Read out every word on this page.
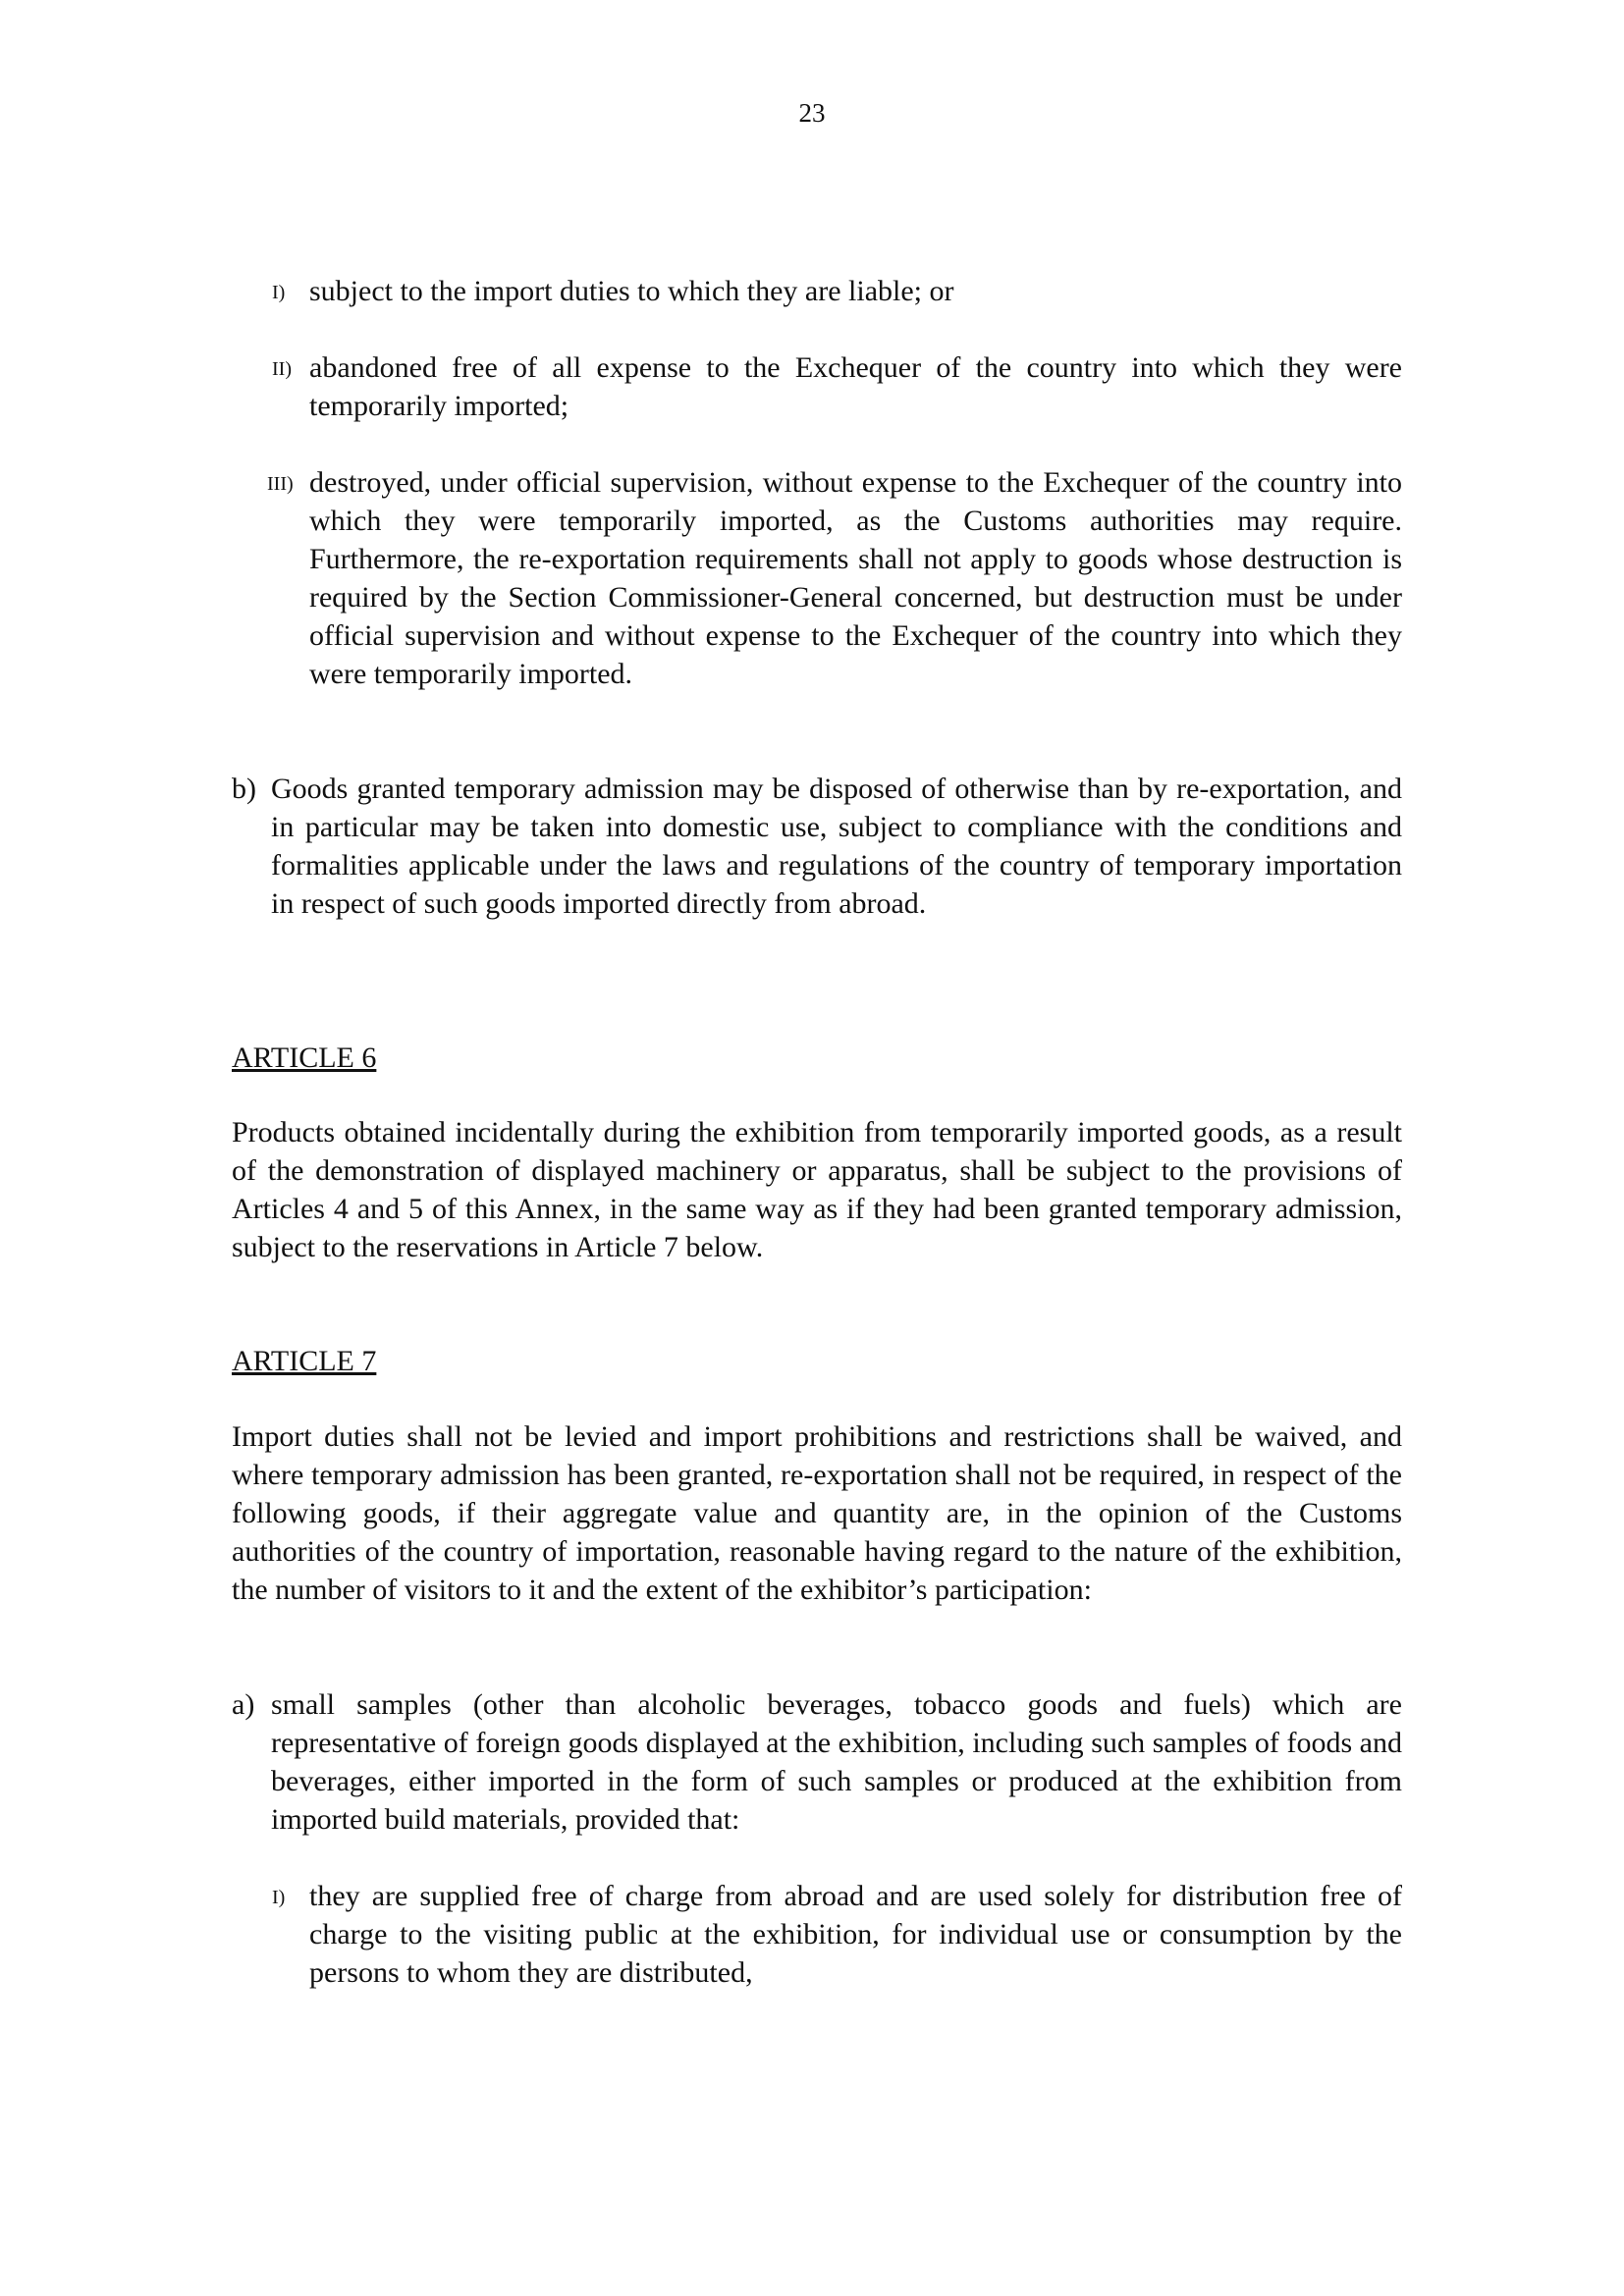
23
I) subject to the import duties to which they are liable; or
II) abandoned free of all expense to the Exchequer of the country into which they were temporarily imported;
III) destroyed, under official supervision, without expense to the Exchequer of the country into which they were temporarily imported, as the Customs authorities may require. Furthermore, the re-exportation requirements shall not apply to goods whose destruction is required by the Section Commissioner-General concerned, but destruction must be under official supervision and without expense to the Exchequer of the country into which they were temporarily imported.
b) Goods granted temporary admission may be disposed of otherwise than by re-exportation, and in particular may be taken into domestic use, subject to compliance with the conditions and formalities applicable under the laws and regulations of the country of temporary importation in respect of such goods imported directly from abroad.
ARTICLE 6

Products obtained incidentally during the exhibition from temporarily imported goods, as a result of the demonstration of displayed machinery or apparatus, shall be subject to the provisions of Articles 4 and 5 of this Annex, in the same way as if they had been granted temporary admission, subject to the reservations in Article 7 below.

ARTICLE 7

Import duties shall not be levied and import prohibitions and restrictions shall be waived, and where temporary admission has been granted, re-exportation shall not be required, in respect of the following goods, if their aggregate value and quantity are, in the opinion of the Customs authorities of the country of importation, reasonable having regard to the nature of the exhibition, the number of visitors to it and the extent of the exhibitor’s participation:

a) small samples (other than alcoholic beverages, tobacco goods and fuels) which are representative of foreign goods displayed at the exhibition, including such samples of foods and beverages, either imported in the form of such samples or produced at the exhibition from imported build materials, provided that:
I) they are supplied free of charge from abroad and are used solely for distribution free of charge to the visiting public at the exhibition, for individual use or consumption by the persons to whom they are distributed,
